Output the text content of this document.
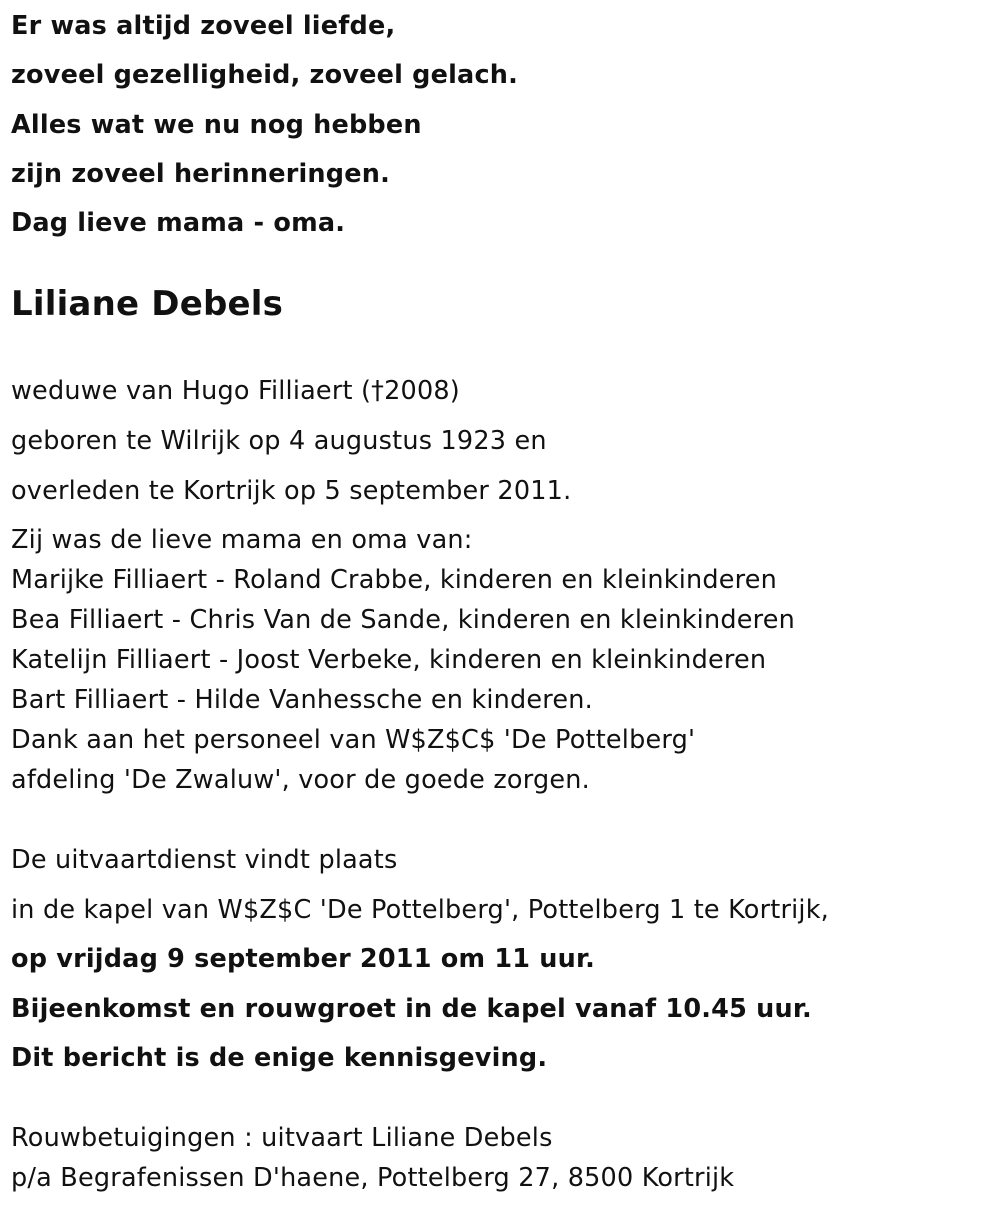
Er was altijd zoveel liefde,
zoveel gezelligheid, zoveel gelach.
Alles wat we nu nog hebben
zijn zoveel herinneringen.
Dag lieve mama - oma.
Liliane Debels
weduwe van Hugo Filliaert (†2008)
geboren te Wilrijk op 4 augustus 1923 en
overleden te Kortrijk op 5 september 2011.
Zij was de lieve mama en oma van:
Marijke Filliaert - Roland Crabbe, kinderen en kleinkinderen
Bea Filliaert - Chris Van de Sande, kinderen en kleinkinderen
Katelijn Filliaert - Joost Verbeke, kinderen en kleinkinderen
Bart Filliaert - Hilde Vanhessche en kinderen.
Dank aan het personeel van W$Z$C$ 'De Pottelberg'
afdeling 'De Zwaluw', voor de goede zorgen.
De uitvaartdienst vindt plaats
in de kapel van W$Z$C 'De Pottelberg', Pottelberg 1 te Kortrijk,
op vrijdag 9 september 2011 om 11 uur.
Bijeenkomst en rouwgroet in de kapel vanaf 10.45 uur.
Dit bericht is de enige kennisgeving.
Rouwbetuigingen : uitvaart Liliane Debels
p/a Begrafenissen D'haene, Pottelberg 27, 8500 Kortrijk
